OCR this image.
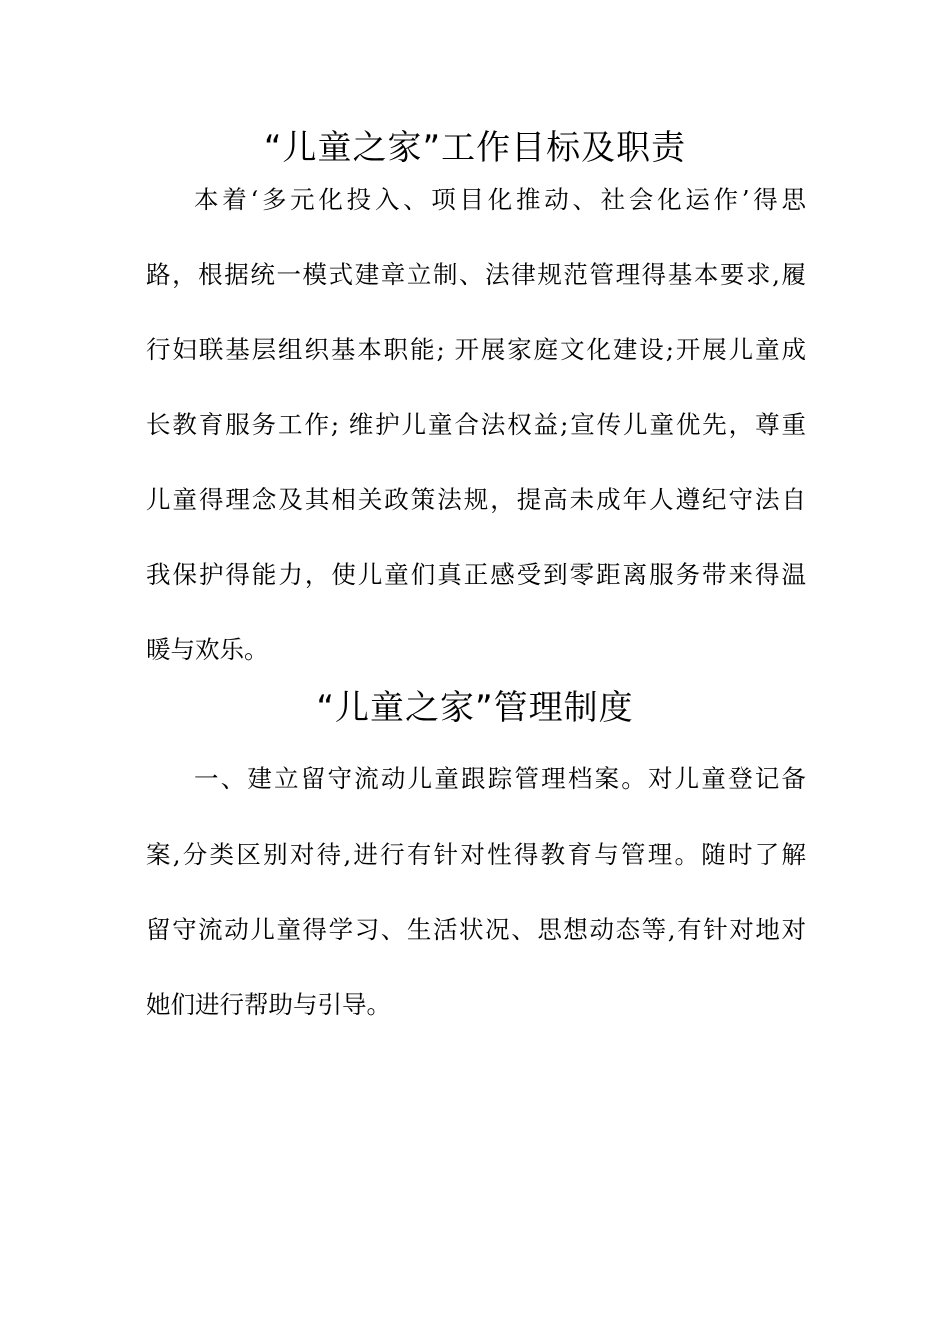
“儿童之家”工作目标及职责
本着‘多元化投入、项目化推动、社会化运作’得思
路，根据统一模式建章立制、法律规范管理得基本要求,履
行妇联基层组织基本职能; 开展家庭文化建设;开展儿童成
长教育服务工作; 维护儿童合法权益;宣传儿童优先，尊重
儿童得理念及其相关政策法规，提高未成年人遵纪守法自
我保护得能力，使儿童们真正感受到零距离服务带来得温
暖与欢乐。
“儿童之家”管理制度
一、建立留守流动儿童跟踪管理档案。对儿童登记备
案,分类区别对待,进行有针对性得教育与管理。随时了解
留守流动儿童得学习、生活状况、思想动态等,有针对地对
她们进行帮助与引导。
